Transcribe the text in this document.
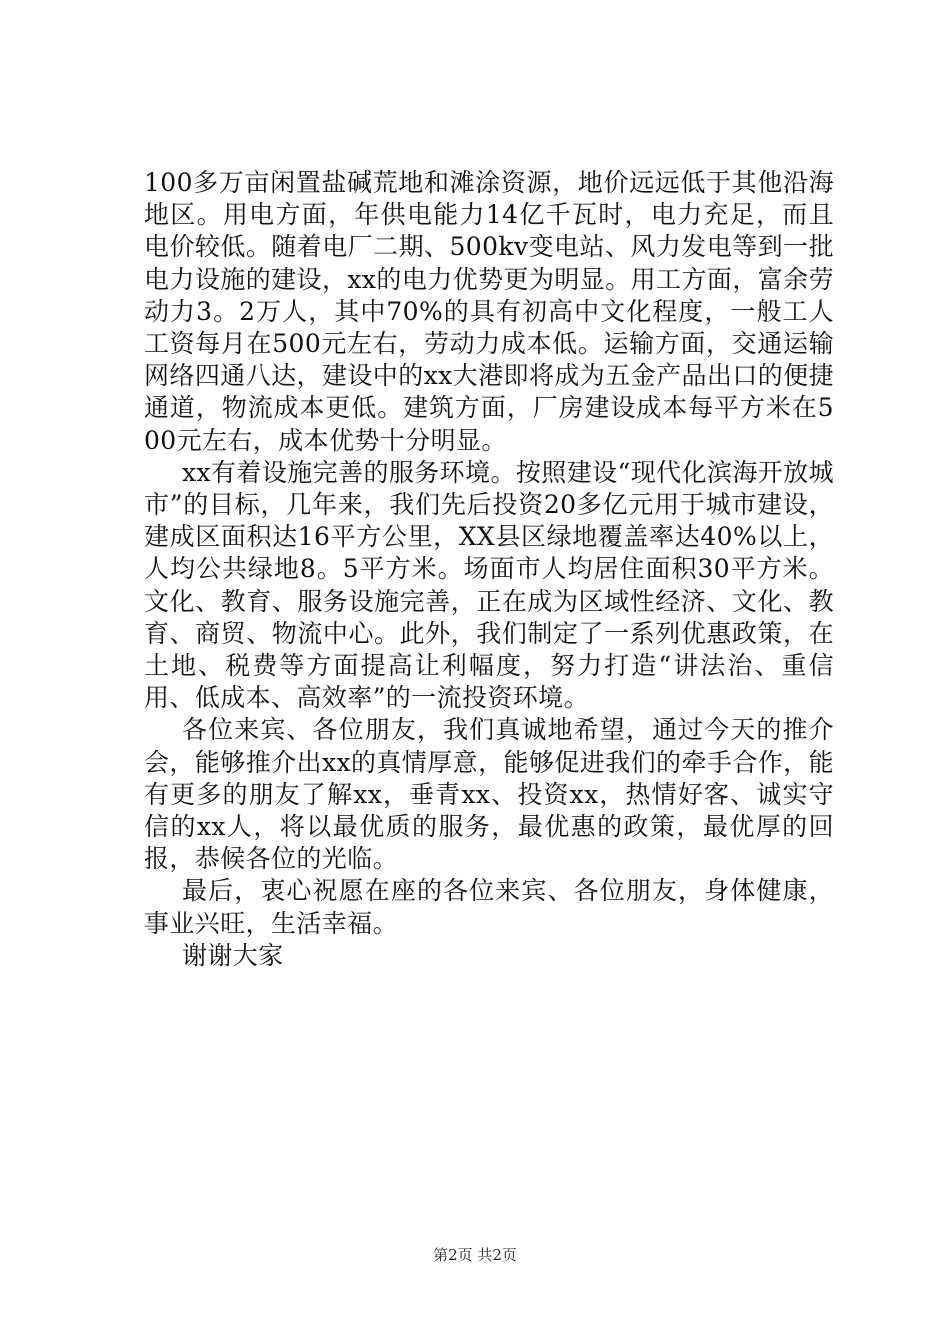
100多万亩闲置盐碱荒地和滩涂资源，地价远远低于其他沿海地区。用电方面，年供电能力14亿千瓦时，电力充足，而且电价较低。随着电厂二期、500kv变电站、风力发电等到一批电力设施的建设，xx的电力优势更为明显。用工方面，富余劳动力3。2万人，其中70%的具有初高中文化程度，一般工人工资每月在500元左右，劳动力成本低。运输方面，交通运输网络四通八达，建设中的xx大港即将成为五金产品出口的便捷通道，物流成本更低。建筑方面，厂房建设成本每平方米在500元左右，成本优势十分明显。

xx有着设施完善的服务环境。按照建设“现代化滨海开放城市”的目标，几年来，我们先后投资20多亿元用于城市建设，建成区面积达16平方公里，XX县区绿地覆盖率达40%以上，人均公共绿地8。5平方米。场面市人均居住面积30平方米。文化、教育、服务设施完善，正在成为区域性经济、文化、教育、商贸、物流中心。此外，我们制定了一系列优惠政策，在土地、税费等方面提高让利幅度，努力打造“讲法治、重信用、低成本、高效率”的一流投资环境。

各位来宾、各位朋友，我们真诚地希望，通过今天的推介会，能够推介出xx的真情厚意，能够促进我们的牵手合作，能有更多的朋友了解xx，垂青xx、投资xx，热情好客、诚实守信的xx人，将以最优质的服务，最优惠的政策，最优厚的回报，恭候各位的光临。

最后，衷心祝愿在座的各位来宾、各位朋友，身体健康，事业兴旺，生活幸福。

谢谢大家

第2页 共2页
